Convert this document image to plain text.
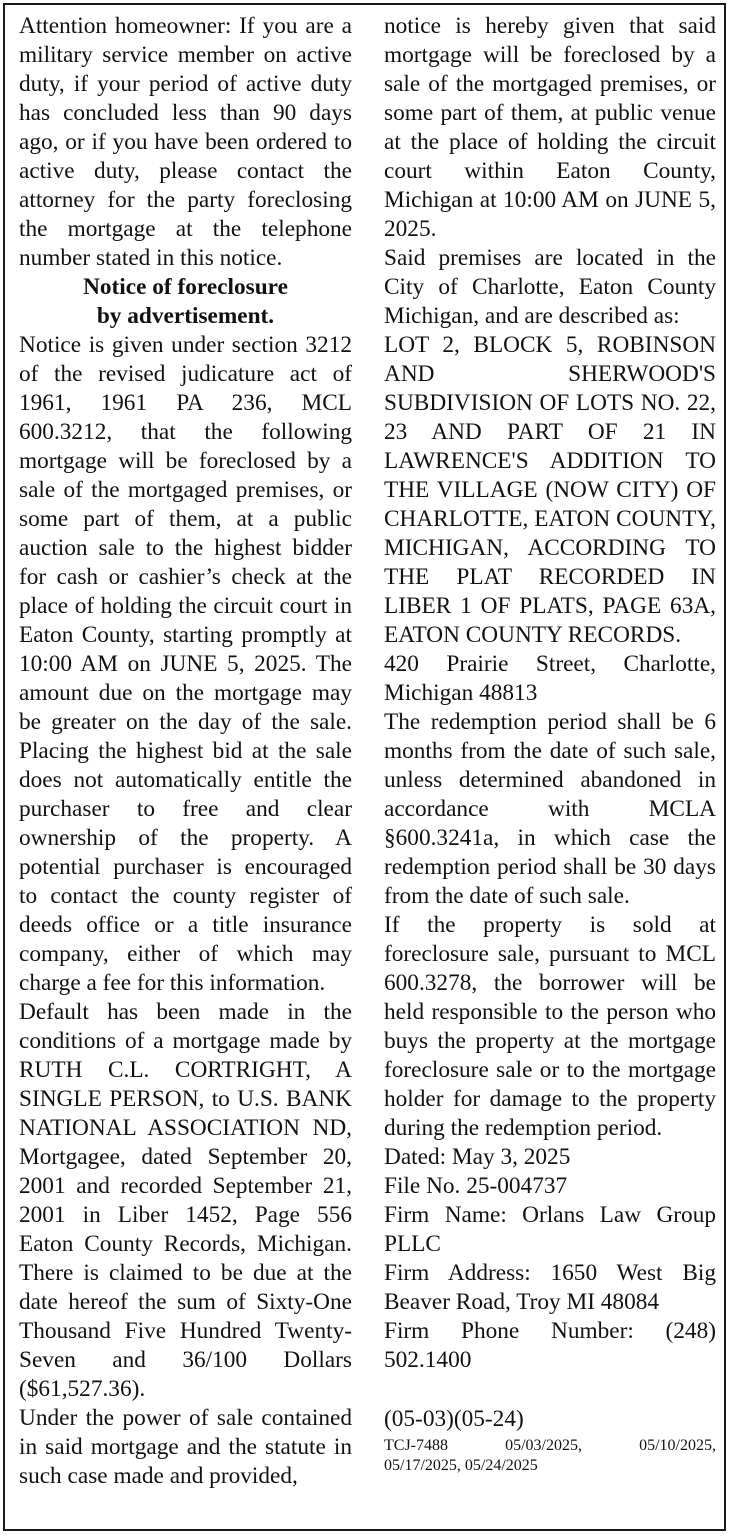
Attention homeowner: If you are a military service member on active duty, if your period of active duty has concluded less than 90 days ago, or if you have been ordered to active duty, please contact the attorney for the party foreclosing the mortgage at the telephone number stated in this notice.

Notice of foreclosure
by advertisement.

Notice is given under section 3212 of the revised judicature act of 1961, 1961 PA 236, MCL 600.3212, that the following mortgage will be foreclosed by a sale of the mortgaged premises, or some part of them, at a public auction sale to the highest bidder for cash or cashier’s check at the place of holding the circuit court in Eaton County, starting promptly at 10:00 AM on JUNE 5, 2025. The amount due on the mortgage may be greater on the day of the sale. Placing the highest bid at the sale does not automatically entitle the purchaser to free and clear ownership of the property. A potential purchaser is encouraged to contact the county register of deeds office or a title insurance company, either of which may charge a fee for this information.

Default has been made in the conditions of a mortgage made by RUTH C.L. CORTRIGHT, A SINGLE PERSON, to U.S. BANK NATIONAL ASSOCIATION ND, Mortgagee, dated September 20, 2001 and recorded September 21, 2001 in Liber 1452, Page 556 Eaton County Records, Michigan. There is claimed to be due at the date hereof the sum of Sixty-One Thousand Five Hundred Twenty-Seven and 36/100 Dollars ($61,527.36).

Under the power of sale contained in said mortgage and the statute in such case made and provided,

notice is hereby given that said mortgage will be foreclosed by a sale of the mortgaged premises, or some part of them, at public venue at the place of holding the circuit court within Eaton County, Michigan at 10:00 AM on JUNE 5, 2025.

Said premises are located in the City of Charlotte, Eaton County Michigan, and are described as:

LOT 2, BLOCK 5, ROBINSON AND SHERWOOD'S SUBDIVISION OF LOTS NO. 22, 23 AND PART OF 21 IN LAWRENCE'S ADDITION TO THE VILLAGE (NOW CITY) OF CHARLOTTE, EATON COUNTY, MICHIGAN, ACCORDING TO THE PLAT RECORDED IN LIBER 1 OF PLATS, PAGE 63A, EATON COUNTY RECORDS.

420 Prairie Street, Charlotte, Michigan 48813

The redemption period shall be 6 months from the date of such sale, unless determined abandoned in accordance with MCLA §600.3241a, in which case the redemption period shall be 30 days from the date of such sale.

If the property is sold at foreclosure sale, pursuant to MCL 600.3278, the borrower will be held responsible to the person who buys the property at the mortgage foreclosure sale or to the mortgage holder for damage to the property during the redemption period.

Dated: May 3, 2025

File No. 25-004737

Firm Name: Orlans Law Group PLLC

Firm Address: 1650 West Big Beaver Road, Troy MI 48084

Firm Phone Number: (248) 502.1400

(05-03)(05-24)

TCJ-7488	05/03/2025,	05/10/2025,
05/17/2025, 05/24/2025
